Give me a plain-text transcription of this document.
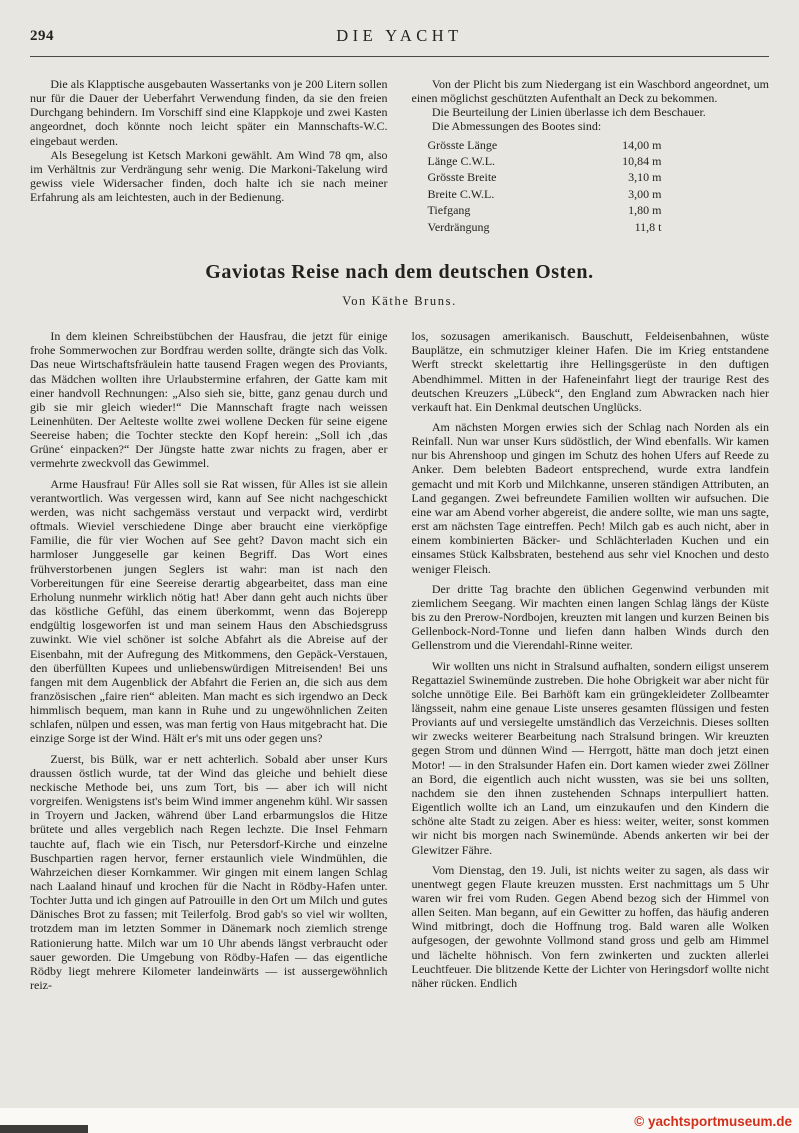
294	DIE YACHT

Die als Klapptische ausgebauten Wassertanks von je 200 Litern sollen nur für die Dauer der Ueberfahrt Verwendung finden, da sie den freien Durchgang behindern. Im Vorschiff sind eine Klappkoje und zwei Kasten angeordnet, doch könnte noch leicht später ein Mannschafts-W.C. eingebaut werden.

Als Besegelung ist Ketsch Markoni gewählt. Am Wind 78 qm, also im Verhältnis zur Verdrängung sehr wenig. Die Markoni-Takelung wird gewiss viele Widersacher finden, doch halte ich sie nach meiner Erfahrung als am leichtesten, auch in der Bedienung.

Von der Plicht bis zum Niedergang ist ein Waschbord angeordnet, um einen möglichst geschützten Aufenthalt an Deck zu bekommen.

Die Beurteilung der Linien überlasse ich dem Beschauer.

Die Abmessungen des Bootes sind:

Grösste Länge	14,00 m
Länge C.W.L.	10,84 m
Grösste Breite	3,10 m
Breite C.W.L.	3,00 m
Tiefgang	1,80 m
Verdrängung	11,8 t
Gaviotas Reise nach dem deutschen Osten.
Von Käthe Bruns.

In dem kleinen Schreibstübchen der Hausfrau, die jetzt für einige frohe Sommerwochen zur Bordfrau werden sollte, drängte sich das Volk. Das neue Wirtschaftsfräulein hatte tausend Fragen wegen des Proviants, das Mädchen wollten ihre Urlaubstermine erfahren, der Gatte kam mit einer handvoll Rechnungen: „Also sieh sie, bitte, ganz genau durch und gib sie mir gleich wieder!“ Die Mannschaft fragte nach weissen Leinenhüten. Der Aelteste wollte zwei wollene Decken für seine eigene Seereise haben; die Tochter steckte den Kopf herein: „Soll ich ‚das Grüne‘ einpacken?“ Der Jüngste hatte zwar nichts zu fragen, aber er vermehrte zweckvoll das Gewimmel.

Arme Hausfrau! Für Alles soll sie Rat wissen, für Alles ist sie allein verantwortlich. Was vergessen wird, kann auf See nicht nachgeschickt werden, was nicht sachgemäss verstaut und verpackt wird, verdirbt oftmals. Wieviel verschiedene Dinge aber braucht eine vierköpfige Familie, die für vier Wochen auf See geht? Davon macht sich ein harmloser Junggeselle gar keinen Begriff. Das Wort eines frühverstorbenen jungen Seglers ist wahr: man ist nach den Vorbereitungen für eine Seereise derartig abgearbeitet, dass man eine Erholung nunmehr wirklich nötig hat! Aber dann geht auch nichts über das köstliche Gefühl, das einem überkommt, wenn das Bojerepp endgültig losgeworfen ist und man seinem Haus den Abschiedsgruss zuwinkt. Wie viel schöner ist solche Abfahrt als die Abreise auf der Eisenbahn, mit der Aufregung des Mitkommens, den Gepäck-Verstauen, den überfüllten Kupees und unliebenswürdigen Mitreisenden! Bei uns fangen mit dem Augenblick der Abfahrt die Ferien an, die sich aus dem französischen „faire rien“ ableiten. Man macht es sich irgendwo an Deck himmlisch bequem, man kann in Ruhe und zu ungewöhnlichen Zeiten schlafen, nülpen und essen, was man fertig von Haus mitgebracht hat. Die einzige Sorge ist der Wind. Hält er's mit uns oder gegen uns?

Zuerst, bis Bülk, war er nett achterlich. Sobald aber unser Kurs draussen östlich wurde, tat der Wind das gleiche und behielt diese neckische Methode bei, uns zum Tort, bis — aber ich will nicht vorgreifen. Wenigstens ist's beim Wind immer angenehm kühl. Wir sassen in Troyern und Jacken, während über Land erbarmungslos die Hitze brütete und alles vergeblich nach Regen lechzte. Die Insel Fehmarn tauchte auf, flach wie ein Tisch, nur Petersdorf-Kirche und einzelne Buschpartien ragen hervor, ferner erstaunlich viele Windmühlen, die Wahrzeichen dieser Kornkammer. Wir gingen mit einem langen Schlag nach Laaland hinauf und krochen für die Nacht in Rödby-Hafen unter. Tochter Jutta und ich gingen auf Patrouille in den Ort um Milch und gutes Dänisches Brot zu fassen; mit Teilerfolg. Brod gab's so viel wir wollten, trotzdem man im letzten Sommer in Dänemark noch ziemlich strenge Rationierung hatte. Milch war um 10 Uhr abends längst verbraucht oder sauer geworden. Die Umgebung von Rödby-Hafen — das eigentliche Rödby liegt mehrere Kilometer landeinwärts — ist aussergewöhnlich reiz-

los, sozusagen amerikanisch. Bauschutt, Feldeisenbahnen, wüste Bauplätze, ein schmutziger kleiner Hafen. Die im Krieg entstandene Werft streckt skelettartig ihre Hellingsgerüste in den duftigen Abendhimmel. Mitten in der Hafeneinfahrt liegt der traurige Rest des deutschen Kreuzers „Lübeck“, den England zum Abwracken nach hier verkauft hat. Ein Denkmal deutschen Unglücks.

Am nächsten Morgen erwies sich der Schlag nach Norden als ein Reinfall. Nun war unser Kurs südöstlich, der Wind ebenfalls. Wir kamen nur bis Ahrenshoop und gingen im Schutz des hohen Ufers auf Reede zu Anker. Dem belebten Badeort entsprechend, wurde extra landfein gemacht und mit Korb und Milchkanne, unseren ständigen Attributen, an Land gegangen. Zwei befreundete Familien wollten wir aufsuchen. Die eine war am Abend vorher abgereist, die andere sollte, wie man uns sagte, erst am nächsten Tage eintreffen. Pech! Milch gab es auch nicht, aber in einem kombinierten Bäcker- und Schlächterladen Kuchen und ein einsames Stück Kalbsbraten, bestehend aus sehr viel Knochen und desto weniger Fleisch.

Der dritte Tag brachte den üblichen Gegenwind verbunden mit ziemlichem Seegang. Wir machten einen langen Schlag längs der Küste bis zu den Prerow-Nordbojen, kreuzten mit langen und kurzen Beinen bis Gellenbock-Nord-Tonne und liefen dann halben Winds durch den Gellenstrom und die Vierendahl-Rinne weiter.

Wir wollten uns nicht in Stralsund aufhalten, sondern eiligst unserem Regattaziel Swinemünde zustreben. Die hohe Obrigkeit war aber nicht für solche unnötige Eile. Bei Barhöft kam ein grüngekleideter Zollbeamter längsseit, nahm eine genaue Liste unseres gesamten flüssigen und festen Proviants auf und versiegelte umständlich das Verzeichnis. Dieses sollten wir zwecks weiterer Bearbeitung nach Stralsund bringen. Wir kreuzten gegen Strom und dünnen Wind — Herrgott, hätte man doch jetzt einen Motor! — in den Stralsunder Hafen ein. Dort kamen wieder zwei Zöllner an Bord, die eigentlich auch nicht wussten, was sie bei uns sollten, nachdem sie den ihnen zustehenden Schnaps interpulliert hatten. Eigentlich wollte ich an Land, um einzukaufen und den Kindern die schöne alte Stadt zu zeigen. Aber es hiess: weiter, weiter, sonst kommen wir nicht bis morgen nach Swinemünde. Abends ankerten wir bei der Glewitzer Fähre.

Vom Dienstag, den 19. Juli, ist nichts weiter zu sagen, als dass wir unentwegt gegen Flaute kreuzen mussten. Erst nachmittags um 5 Uhr waren wir frei vom Ruden. Gegen Abend bezog sich der Himmel von allen Seiten. Man begann, auf ein Gewitter zu hoffen, das häufig anderen Wind mitbringt, doch die Hoffnung trog. Bald waren alle Wolken aufgesogen, der gewohnte Vollmond stand gross und gelb am Himmel und lächelte höhnisch. Von fern zwinkerten und zuckten allerlei Leuchtfeuer. Die blitzende Kette der Lichter von Heringsdorf wollte nicht näher rücken. Endlich

© yachtsportmuseum.de
